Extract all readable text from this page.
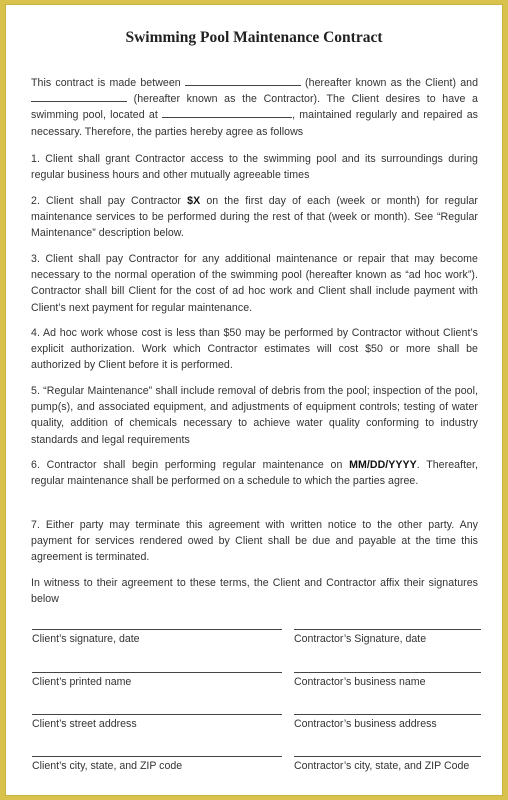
Swimming Pool Maintenance Contract
This contract is made between	(hereafter known as the Client) and  (hereafter known as the Contractor). The Client desires to have a swimming pool, located at	, maintained regularly and repaired as necessary. Therefore, the parties hereby agree as follows
1. Client shall grant Contractor access to the swimming pool and its surroundings during regular business hours and other mutually agreeable times
2. Client shall pay Contractor $X on the first day of each (week or month) for regular maintenance services to be performed during the rest of that (week or month). See “Regular Maintenance” description below.
3. Client shall pay Contractor for any additional maintenance or repair that may become necessary to the normal operation of the swimming pool (hereafter known as “ad hoc work”). Contractor shall bill Client for the cost of ad hoc work and Client shall include payment with Client’s next payment for regular maintenance.
4. Ad hoc work whose cost is less than $50 may be performed by Contractor without Client’s explicit authorization. Work which Contractor estimates will cost $50 or more shall be authorized by Client before it is performed.
5. “Regular Maintenance” shall include removal of debris from the pool; inspection of the pool, pump(s), and associated equipment, and adjustments of equipment controls; testing of water quality, addition of chemicals necessary to achieve water quality conforming to industry standards and legal requirements
6. Contractor shall begin performing regular maintenance on MM/DD/YYYY. Thereafter, regular maintenance shall be performed on a schedule to which the parties agree.
7. Either party may terminate this agreement with written notice to the other party. Any payment for services rendered owed by Client shall be due and payable at the time this agreement is terminated.
In witness to their agreement to these terms, the Client and Contractor affix their signatures below
Client’s signature, date	Contractor’s Signature, date
Client’s printed name	Contractor’s business name
Client’s street address	Contractor’s business address
Client’s city, state, and ZIP code	Contractor’s city, state, and ZIP Code
